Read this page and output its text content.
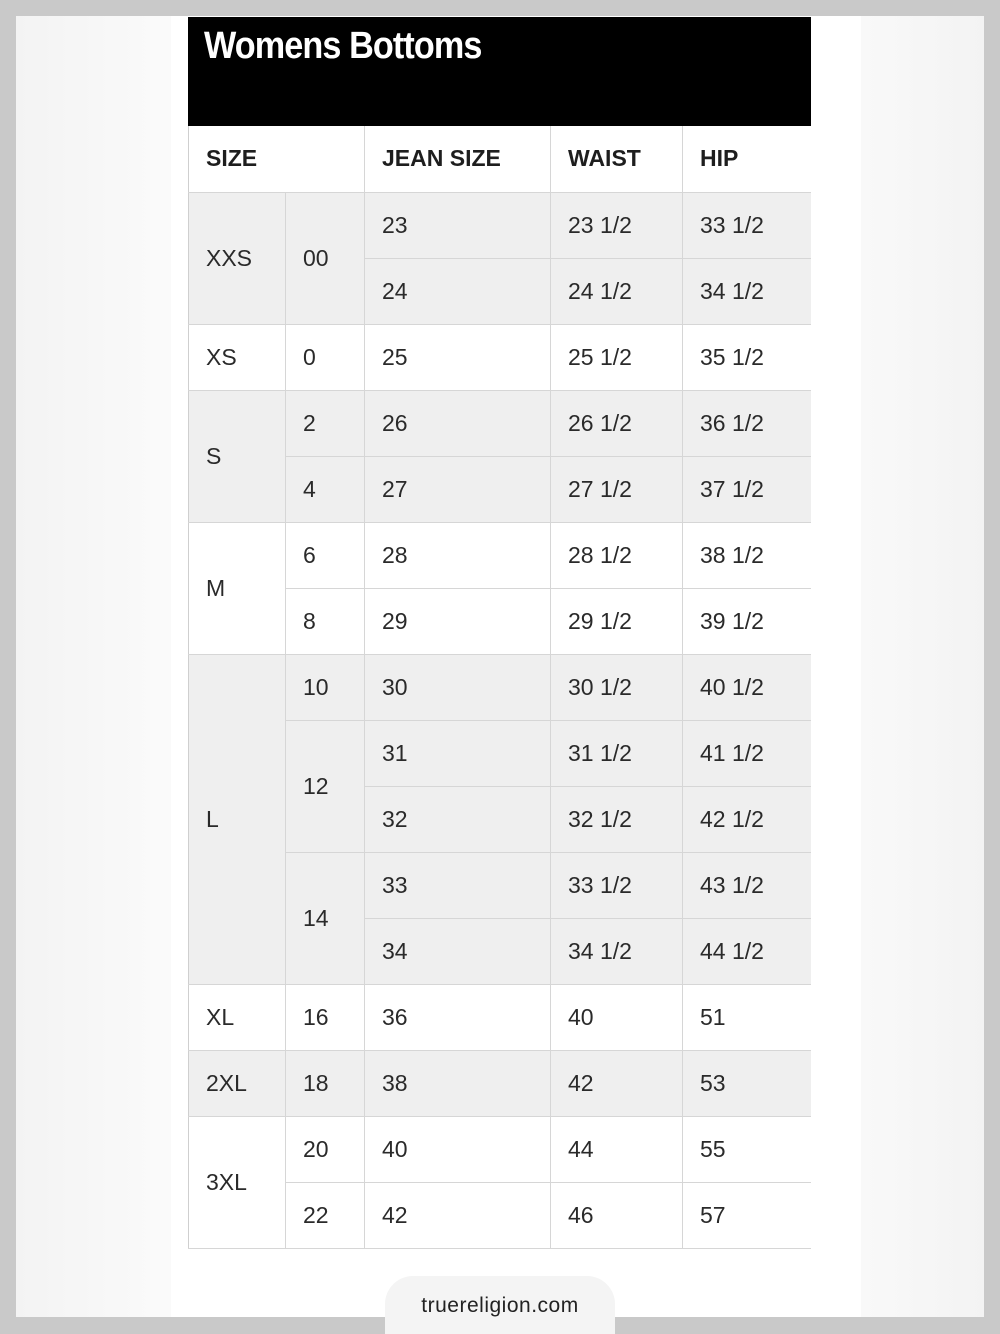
Womens Bottoms
SIZE		JEAN SIZE	WAIST	HIP
XXS	00	23	23 1/2	33 1/2
		24	24 1/2	34 1/2
XS	0	25	25 1/2	35 1/2
S	2	26	26 1/2	36 1/2
	4	27	27 1/2	37 1/2
M	6	28	28 1/2	38 1/2
	8	29	29 1/2	39 1/2
L	10	30	30 1/2	40 1/2
	12	31	31 1/2	41 1/2
		32	32 1/2	42 1/2
	14	33	33 1/2	43 1/2
		34	34 1/2	44 1/2
XL	16	36	40	51
2XL	18	38	42	53
3XL	20	40	44	55
	22	42	46	57
truereligion.com
